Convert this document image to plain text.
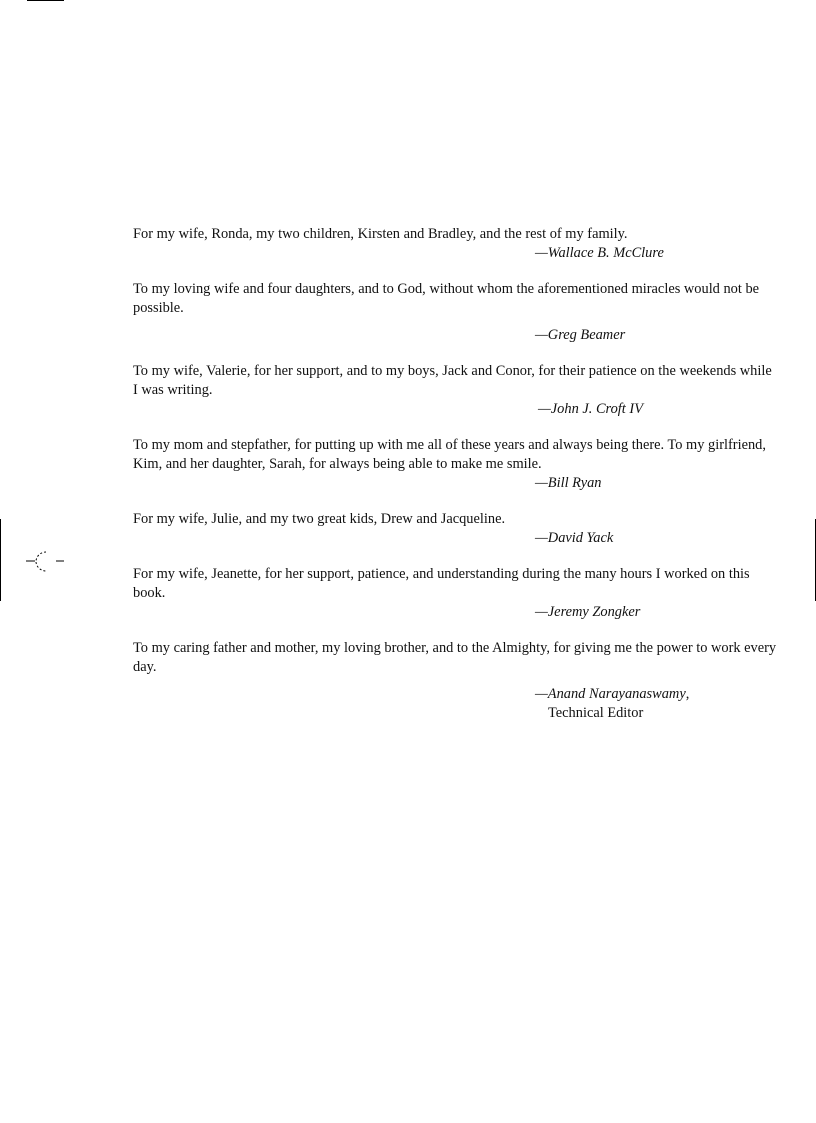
For my wife, Ronda, my two children, Kirsten and Bradley, and the rest of my family.

—Wallace B. McClure

To my loving wife and four daughters, and to God, without whom the aforementioned miracles would not be possible.

—Greg Beamer

To my wife, Valerie, for her support, and to my boys, Jack and Conor, for their patience on the weekends while I was writing.

—John J. Croft IV

To my mom and stepfather, for putting up with me all of these years and always being there. To my girlfriend, Kim, and her daughter, Sarah, for always being able to make me smile.

—Bill Ryan

For my wife, Julie, and my two great kids, Drew and Jacqueline.

—David Yack

For my wife, Jeanette, for her support, patience, and understanding during the many hours I worked on this book.

—Jeremy Zongker

To my caring father and mother, my loving brother, and to the Almighty, for giving me the power to work every day.

—Anand Narayanaswamy,

Technical Editor
